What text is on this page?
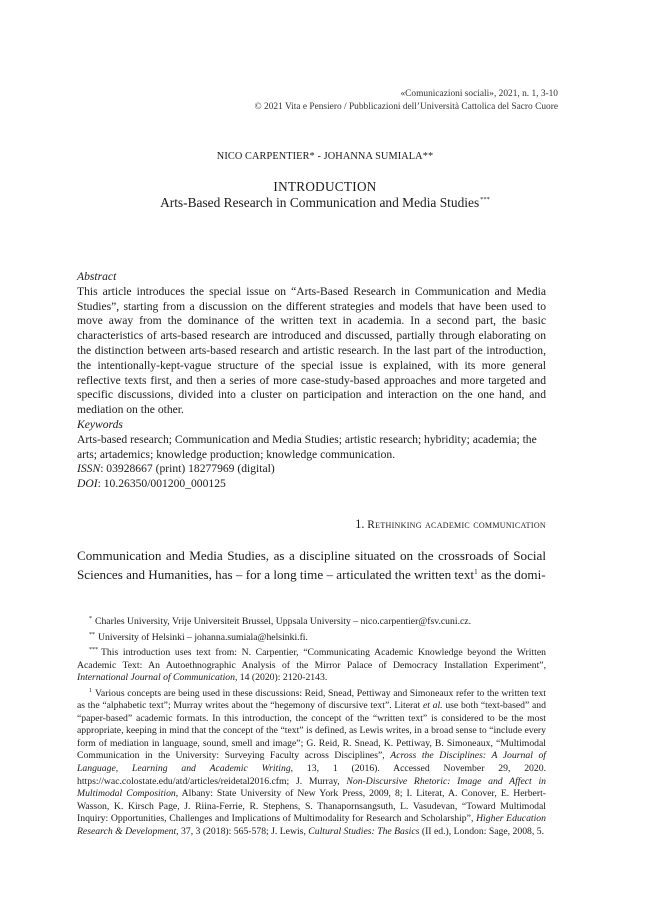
«Comunicazioni sociali», 2021, n. 1, 3-10
© 2021 Vita e Pensiero / Pubblicazioni dell’Università Cattolica del Sacro Cuore
NICO CARPENTIER* - JOHANNA SUMIALA**
INTRODUCTION
Arts-Based Research in Communication and Media Studies***
Abstract
This article introduces the special issue on “Arts-Based Research in Communication and Media Studies”, starting from a discussion on the different strategies and models that have been used to move away from the dominance of the written text in academia. In a second part, the basic characteristics of arts-based research are introduced and discussed, partially through elaborating on the distinction between arts-based research and artistic research. In the last part of the introduction, the intentionally-kept-vague structure of the special issue is explained, with its more general reflective texts first, and then a series of more case-study-based approaches and more targeted and specific discussions, divided into a cluster on participation and interaction on the one hand, and mediation on the other.
Keywords
Arts-based research; Communication and Media Studies; artistic research; hybridity; academia; the arts; artademics; knowledge production; knowledge communication.
ISSN: 03928667 (print) 18277969 (digital)
DOI: 10.26350/001200_000125
1. Rethinking academic communication
Communication and Media Studies, as a discipline situated on the crossroads of Social Sciences and Humanities, has – for a long time – articulated the written text$^1$ as the domi-

* Charles University, Vrije Universiteit Brussel, Uppsala University – nico.carpentier@fsv.cuni.cz.

** University of Helsinki – johanna.sumiala@helsinki.fi.

*** This introduction uses text from: N. Carpentier, “Communicating Academic Knowledge beyond the Written Academic Text: An Autoethnographic Analysis of the Mirror Palace of Democracy Installation Experiment”, International Journal of Communication, 14 (2020): 2120-2143.

$^1$ Various concepts are being used in these discussions: Reid, Snead, Pettiway and Simoneaux refer to the written text as the “alphabetic text”; Murray writes about the “hegemony of discursive text”. Literat et al. use both “text-based” and “paper-based” academic formats. In this introduction, the concept of the “written text” is considered to be the most appropriate, keeping in mind that the concept of the “text” is defined, as Lewis writes, in a broad sense to “include every form of mediation in language, sound, smell and image”; G. Reid, R. Snead, K. Pettiway, B. Simoneaux, “Multimodal Communication in the University: Surveying Faculty across Disciplines”, Across the Disciplines: A Journal of Language, Learning and Academic Writing, 13, 1 (2016). Accessed November 29, 2020. https://wac.colostate.edu/atd/articles/reidetal2016.cfm; J. Murray, Non-Discursive Rhetoric: Image and Affect in Multimodal Composition, Albany: State University of New York Press, 2009, 8; I. Literat, A. Conover, E. Herbert-Wasson, K. Kirsch Page, J. Riina-Ferrie, R. Stephens, S. Thanapornsangsuth, L. Vasudevan, “Toward Multimodal Inquiry: Opportunities, Challenges and Implications of Multimodality for Research and Scholarship”, Higher Education Research & Development, 37, 3 (2018): 565-578; J. Lewis, Cultural Studies: The Basics (II ed.), London: Sage, 2008, 5.
